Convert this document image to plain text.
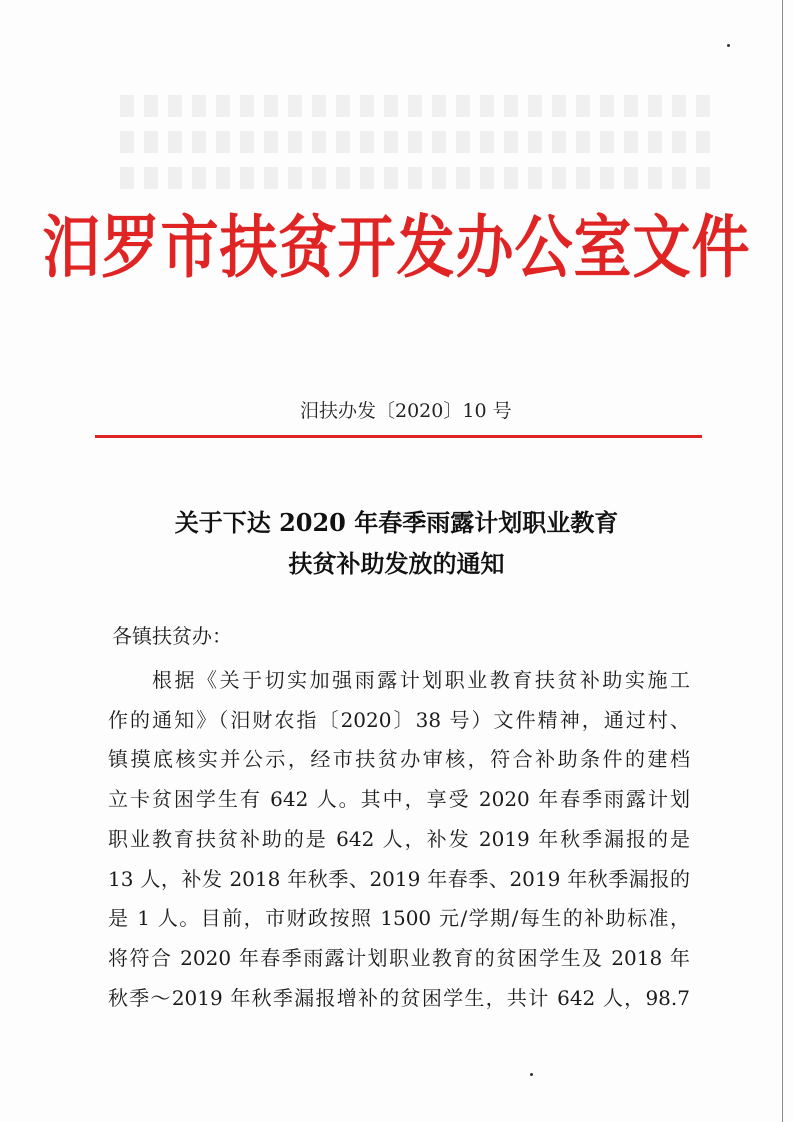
汨罗市扶贫开发办公室文件
汨扶办发〔2020〕10 号
关于下达 2020 年春季雨露计划职业教育
扶贫补助发放的通知
各镇扶贫办：
根据《关于切实加强雨露计划职业教育扶贫补助实施工
作的通知》（汨财农指〔2020〕38 号）文件精神，通过村、
镇摸底核实并公示，经市扶贫办审核，符合补助条件的建档
立卡贫困学生有 642 人。其中，享受 2020 年春季雨露计划
职业教育扶贫补助的是 642 人，补发 2019 年秋季漏报的是
13 人，补发 2018 年秋季、2019 年春季、2019 年秋季漏报的
是 1 人。目前，市财政按照 1500 元/学期/每生的补助标准，
将符合 2020 年春季雨露计划职业教育的贫困学生及 2018 年
秋季～2019 年秋季漏报增补的贫困学生，共计 642 人，98.7
